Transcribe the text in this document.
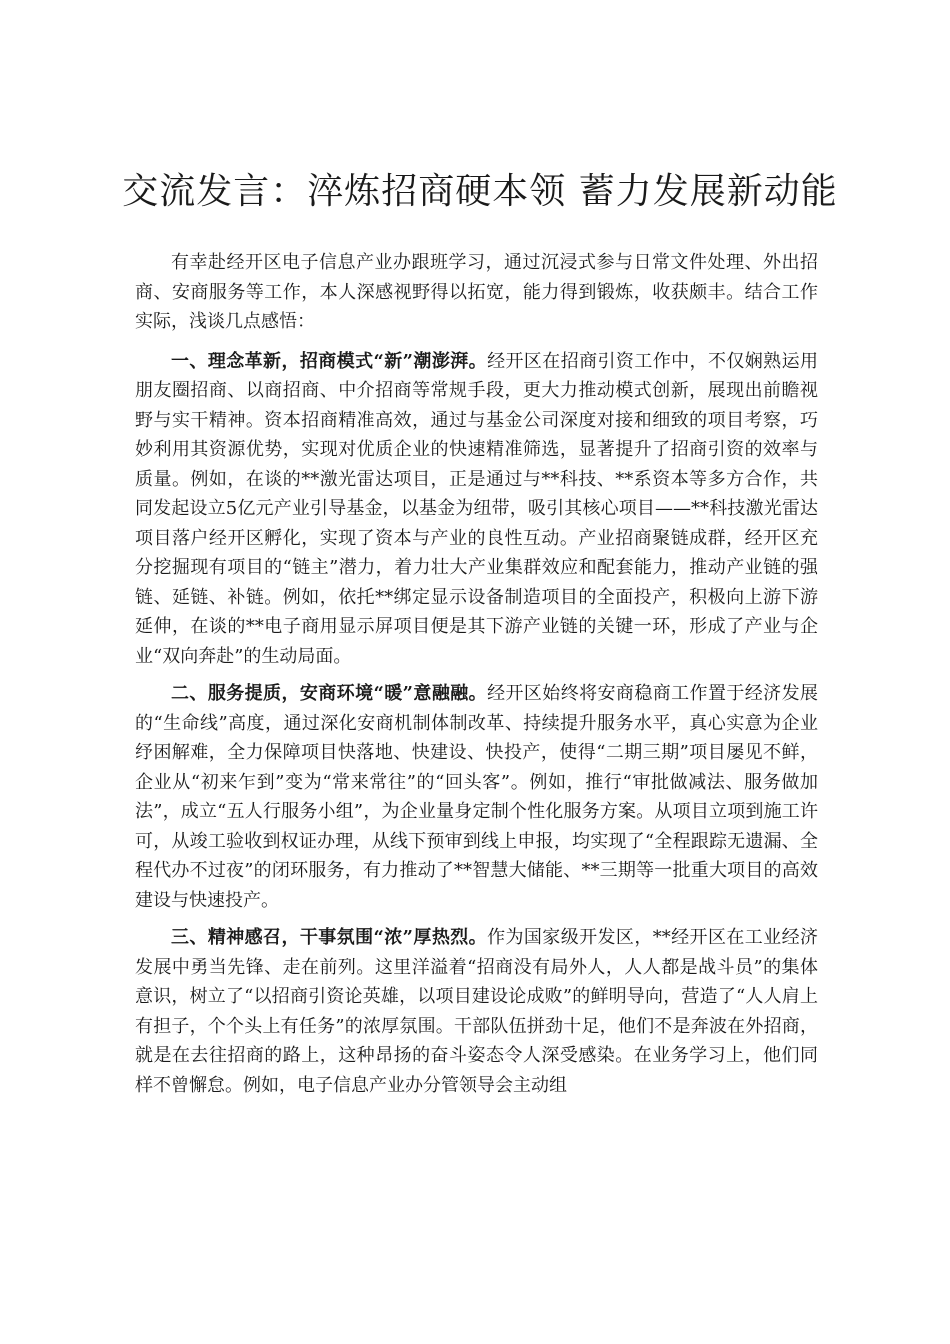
交流发言：淬炼招商硬本领 蓄力发展新动能

有幸赴经开区电子信息产业办跟班学习，通过沉浸式参与日常文件处理、外出招商、安商服务等工作，本人深感视野得以拓宽，能力得到锻炼，收获颇丰。结合工作实际，浅谈几点感悟：

一、理念革新，招商模式“新”潮澎湃。经开区在招商引资工作中，不仅娴熟运用朋友圈招商、以商招商、中介招商等常规手段，更大力推动模式创新，展现出前瞻视野与实干精神。资本招商精准高效，通过与基金公司深度对接和细致的项目考察，巧妙利用其资源优势，实现对优质企业的快速精准筛选，显著提升了招商引资的效率与质量。例如，在谈的**激光雷达项目，正是通过与**科技、**系资本等多方合作，共同发起设立5亿元产业引导基金，以基金为纽带，吸引其核心项目——**科技激光雷达项目落户经开区孵化，实现了资本与产业的良性互动。产业招商聚链成群，经开区充分挖掘现有项目的“链主”潜力，着力壮大产业集群效应和配套能力，推动产业链的强链、延链、补链。例如，依托**绑定显示设备制造项目的全面投产，积极向上游下游延伸，在谈的**电子商用显示屏项目便是其下游产业链的关键一环，形成了产业与企业“双向奔赴”的生动局面。

二、服务提质，安商环境“暖”意融融。经开区始终将安商稳商工作置于经济发展的“生命线”高度，通过深化安商机制体制改革、持续提升服务水平，真心实意为企业纾困解难，全力保障项目快落地、快建设、快投产，使得“二期三期”项目屡见不鲜，企业从“初来乍到”变为“常来常往”的“回头客”。例如，推行“审批做减法、服务做加法”，成立“五人行服务小组”，为企业量身定制个性化服务方案。从项目立项到施工许可，从竣工验收到权证办理，从线下预审到线上申报，均实现了“全程跟踪无遗漏、全程代办不过夜”的闭环服务，有力推动了**智慧大储能、**三期等一批重大项目的高效建设与快速投产。

三、精神感召，干事氛围“浓”厚热烈。作为国家级开发区，**经开区在工业经济发展中勇当先锋、走在前列。这里洋溢着“招商没有局外人，人人都是战斗员”的集体意识，树立了“以招商引资论英雄，以项目建设论成败”的鲜明导向，营造了“人人肩上有担子，个个头上有任务”的浓厚氛围。干部队伍拼劲十足，他们不是奔波在外招商，就是在去往招商的路上，这种昂扬的奋斗姿态令人深受感染。在业务学习上，他们同样不曾懈怠。例如，电子信息产业办分管领导会主动组
